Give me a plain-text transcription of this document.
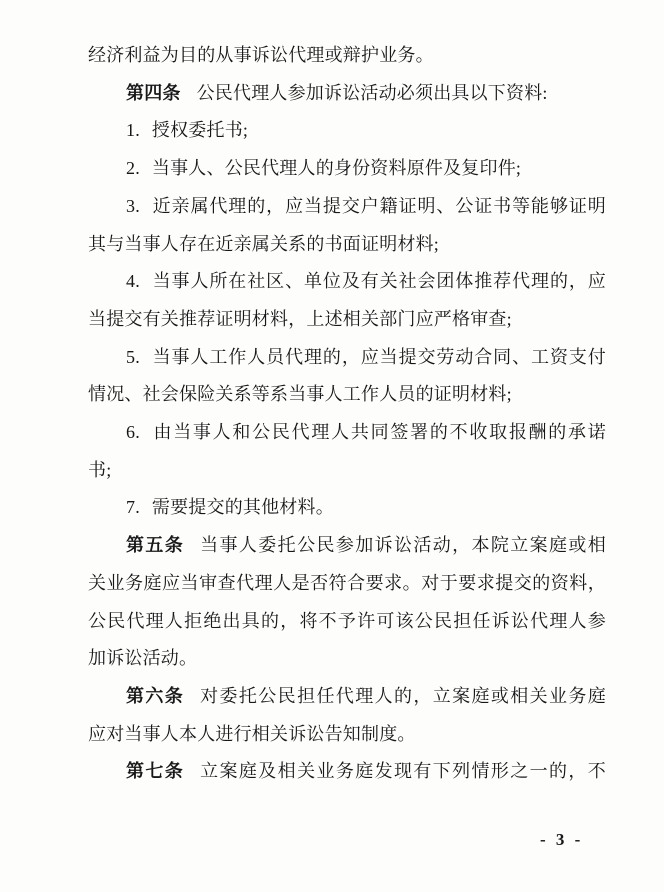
经济利益为目的从事诉讼代理或辩护业务。
第四条 公民代理人参加诉讼活动必须出具以下资料:
1. 授权委托书;
2. 当事人、公民代理人的身份资料原件及复印件;
3. 近亲属代理的，应当提交户籍证明、公证书等能够证明
其与当事人存在近亲属关系的书面证明材料;
4. 当事人所在社区、单位及有关社会团体推荐代理的，应
当提交有关推荐证明材料，上述相关部门应严格审查;
5. 当事人工作人员代理的，应当提交劳动合同、工资支付
情况、社会保险关系等系当事人工作人员的证明材料;
6. 由当事人和公民代理人共同签署的不收取报酬的承诺
书;
7. 需要提交的其他材料。
第五条 当事人委托公民参加诉讼活动，本院立案庭或相
关业务庭应当审查代理人是否符合要求。对于要求提交的资料，
公民代理人拒绝出具的，将不予许可该公民担任诉讼代理人参
加诉讼活动。
第六条 对委托公民担任代理人的，立案庭或相关业务庭
应对当事人本人进行相关诉讼告知制度。
第七条 立案庭及相关业务庭发现有下列情形之一的，不
- 3 -
